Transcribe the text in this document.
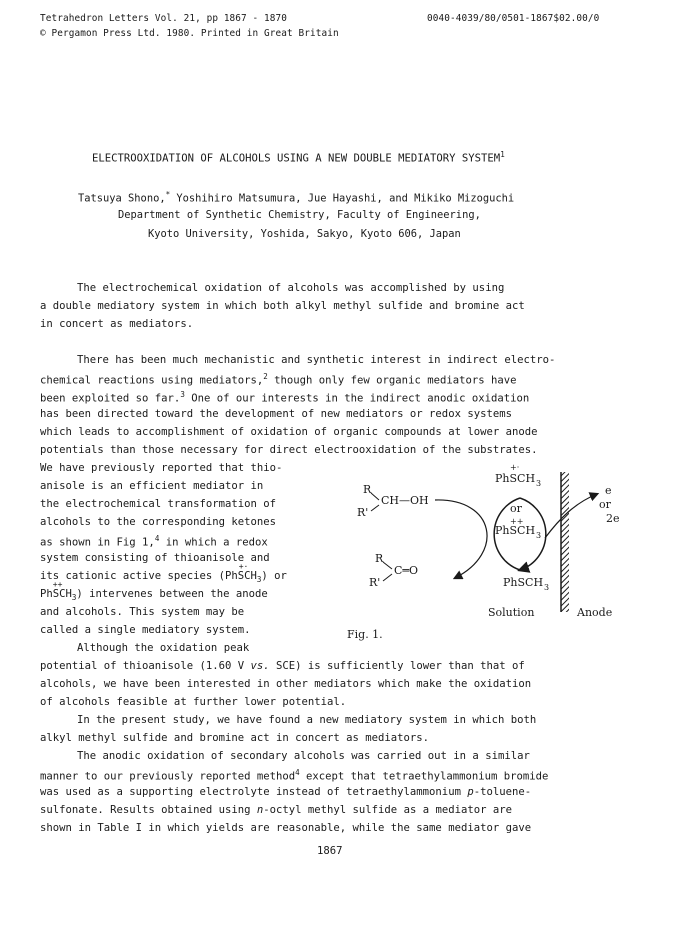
Tetrahedron Letters Vol. 21, pp 1867 - 1870
© Pergamon Press Ltd. 1980. Printed in Great Britain
0040-4039/80/0501-1867$02.00/0
ELECTROOXIDATION OF ALCOHOLS USING A NEW DOUBLE MEDIATORY SYSTEM$^1$
Tatsuya Shono,* Yoshihiro Matsumura, Jue Hayashi, and Mikiko Mizoguchi
Department of Synthetic Chemistry, Faculty of Engineering,
Kyoto University, Yoshida, Sakyo, Kyoto 606, Japan
The electrochemical oxidation of alcohols was accomplished by using
a double mediatory system in which both alkyl methyl sulfide and bromine act
in concert as mediators.
There has been much mechanistic and synthetic interest in indirect electro-
chemical reactions using mediators,$^2$ though only few organic mediators have
been exploited so far.$^3$ One of our interests in the indirect anodic oxidation
has been directed toward the development of new mediators or redox systems
which leads to accomplishment of oxidation of organic compounds at lower anode
potentials than those necessary for direct electrooxidation of the substrates.
We have previously reported that thio-
anisole is an efficient mediator in
the electrochemical transformation of
alcohols to the corresponding ketones
as shown in Fig 1,$^4$ in which a redox
system consisting of thioanisole and
its cationic active species (Ph
+·
$SCH_3$) or
Ph
++
$SCH_3$) intervenes between the anode
and alcohols. This system may be
called a single mediatory system.
Although the oxidation peak
+·
PhSCH 3
R
CH—OH
R'
R
C═O
R'
or
++
PhSCH 3
PhSCH 3
e
or
2e
Solution	Anode
Fig. 1.
potential of thioanisole (1.60 V vs. SCE) is sufficiently lower than that of
alcohols, we have been interested in other mediators which make the oxidation
of alcohols feasible at further lower potential.
In the present study, we have found a new mediatory system in which both
alkyl methyl sulfide and bromine act in concert as mediators.
The anodic oxidation of secondary alcohols was carried out in a similar
manner to our previously reported method$^4$ except that tetraethylammonium bromide
was used as a supporting electrolyte instead of tetraethylammonium p-toluene-
sulfonate. Results obtained using n-octyl methyl sulfide as a mediator are
shown in Table I in which yields are reasonable, while the same mediator gave
1867
